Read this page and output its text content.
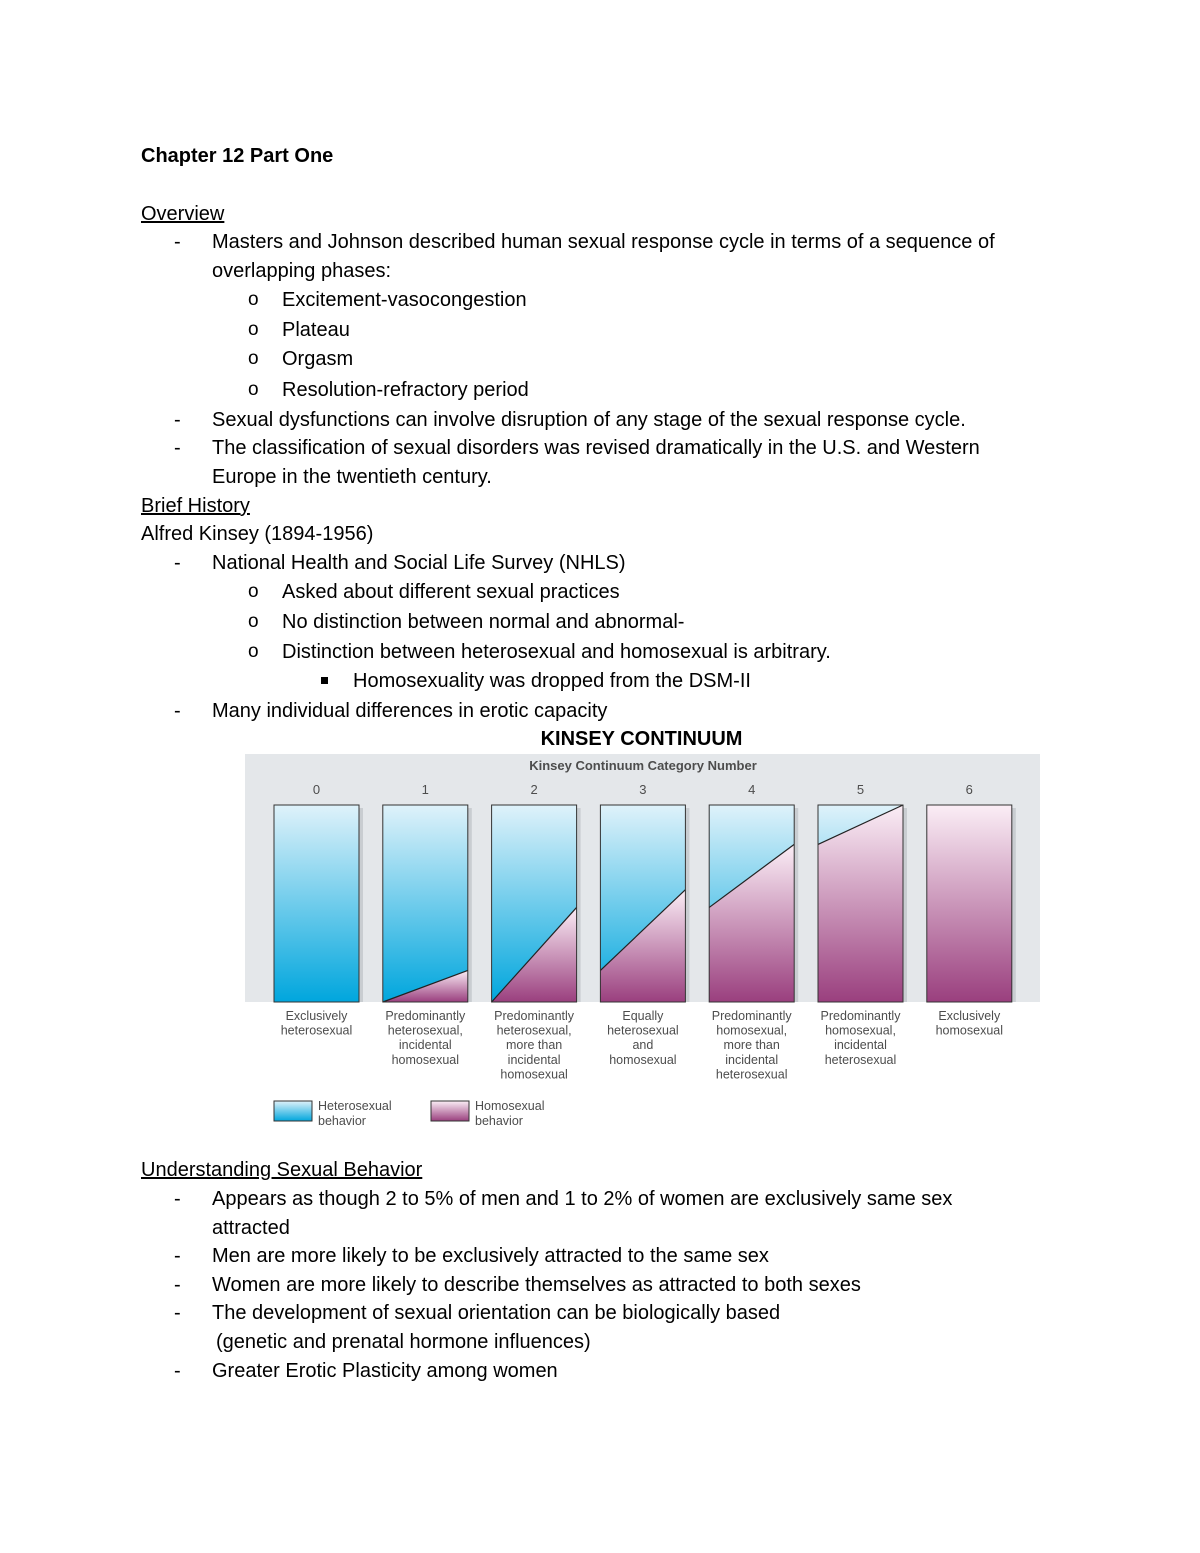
Chapter 12 Part One
Overview
- Masters and Johnson described human sexual response cycle in terms of a sequence of
overlapping phases:
o Excitement-vasocongestion
o Plateau
o Orgasm
o Resolution-refractory period
- Sexual dysfunctions can involve disruption of any stage of the sexual response cycle.
- The classification of sexual disorders was revised dramatically in the U.S. and Western
Europe in the twentieth century.
Brief History
Alfred Kinsey (1894-1956)
- National Health and Social Life Survey (NHLS)
o Asked about different sexual practices
o No distinction between normal and abnormal-
o Distinction between heterosexual and homosexual is arbitrary.
Homosexuality was dropped from the DSM-II
- Many individual differences in erotic capacity
KINSEY CONTINUUM
Kinsey Continuum Category Number
0
Exclusively
heterosexual
1
Predominantly
heterosexual,
incidental
homosexual
2
Predominantly
heterosexual,
more than
incidental
homosexual
3
Equally
heterosexual
and
homosexual
4
Predominantly
homosexual,
more than
incidental
heterosexual
5
Predominantly
homosexual,
incidental
heterosexual
6
Exclusively
homosexual
Heterosexual
behavior
Homosexual
behavior
Understanding Sexual Behavior
- Appears as though 2 to 5% of men and 1 to 2% of women are exclusively same sex
attracted
- Men are more likely to be exclusively attracted to the same sex
- Women are more likely to describe themselves as attracted to both sexes
- The development of sexual orientation can be biologically based
(genetic and prenatal hormone influences)
- Greater Erotic Plasticity among women
